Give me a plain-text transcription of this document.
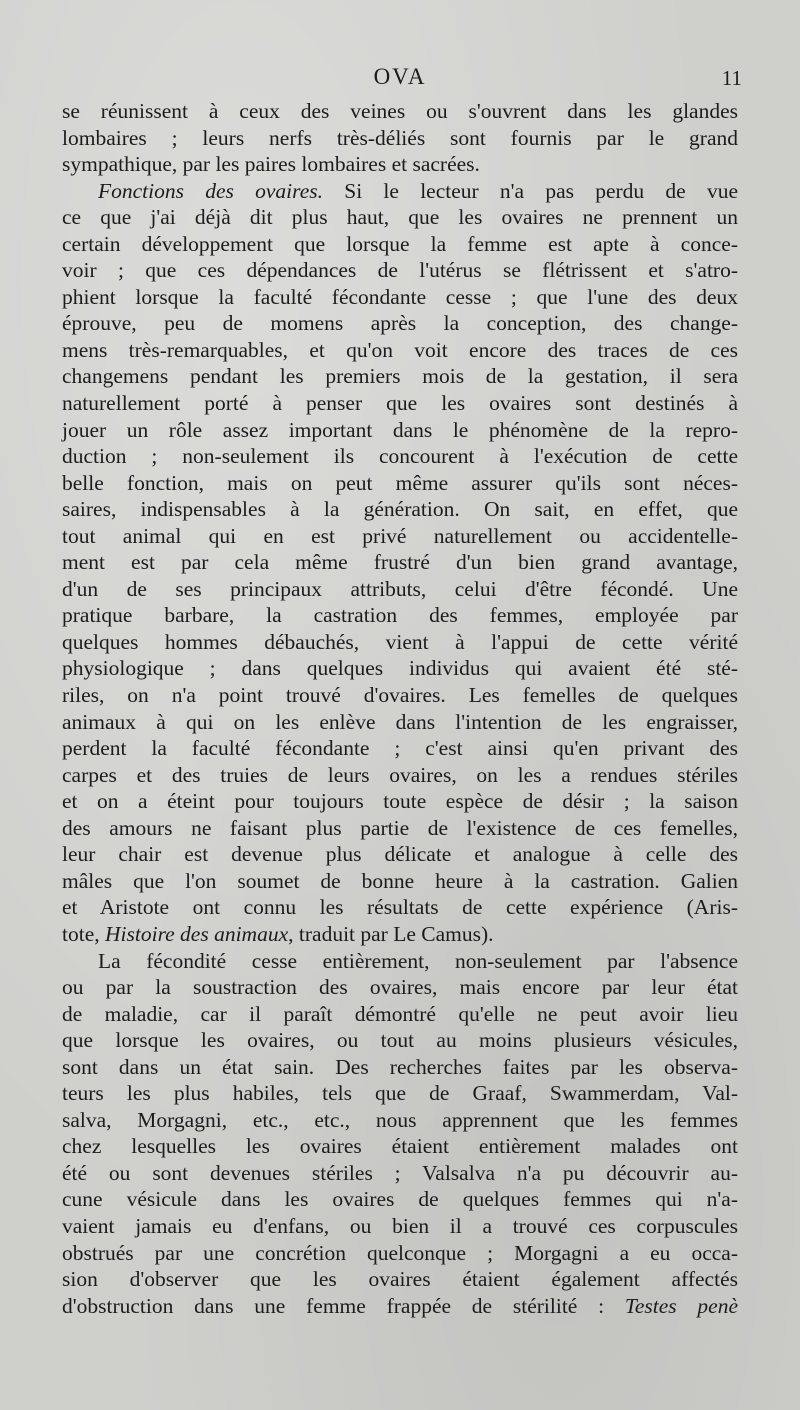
OVA	11
se réunissent à ceux des veines ou s'ouvrent dans les glandes
lombaires ; leurs nerfs très-déliés sont fournis par le grand
sympathique, par les paires lombaires et sacrées.
Fonctions des ovaires. Si le lecteur n'a pas perdu de vue
ce que j'ai déjà dit plus haut, que les ovaires ne prennent un
certain développement que lorsque la femme est apte à conce-
voir ; que ces dépendances de l'utérus se flétrissent et s'atro-
phient lorsque la faculté fécondante cesse ; que l'une des deux
éprouve, peu de momens après la conception, des change-
mens très-remarquables, et qu'on voit encore des traces de ces
changemens pendant les premiers mois de la gestation, il sera
naturellement porté à penser que les ovaires sont destinés à
jouer un rôle assez important dans le phénomène de la repro-
duction ; non-seulement ils concourent à l'exécution de cette
belle fonction, mais on peut même assurer qu'ils sont néces-
saires, indispensables à la génération. On sait, en effet, que
tout animal qui en est privé naturellement ou accidentelle-
ment est par cela même frustré d'un bien grand avantage,
d'un de ses principaux attributs, celui d'être fécondé. Une
pratique barbare, la castration des femmes, employée par
quelques hommes débauchés, vient à l'appui de cette vérité
physiologique ; dans quelques individus qui avaient été sté-
riles, on n'a point trouvé d'ovaires. Les femelles de quelques
animaux à qui on les enlève dans l'intention de les engraisser,
perdent la faculté fécondante ; c'est ainsi qu'en privant des
carpes et des truies de leurs ovaires, on les a rendues stériles
et on a éteint pour toujours toute espèce de désir ; la saison
des amours ne faisant plus partie de l'existence de ces femelles,
leur chair est devenue plus délicate et analogue à celle des
mâles que l'on soumet de bonne heure à la castration. Galien
et Aristote ont connu les résultats de cette expérience (Aris-
tote, Histoire des animaux, traduit par Le Camus).
La fécondité cesse entièrement, non-seulement par l'absence
ou par la soustraction des ovaires, mais encore par leur état
de maladie, car il paraît démontré qu'elle ne peut avoir lieu
que lorsque les ovaires, ou tout au moins plusieurs vésicules,
sont dans un état sain. Des recherches faites par les observa-
teurs les plus habiles, tels que de Graaf, Swammerdam, Val-
salva, Morgagni, etc., etc., nous apprennent que les femmes
chez lesquelles les ovaires étaient entièrement malades ont
été ou sont devenues stériles ; Valsalva n'a pu découvrir au-
cune vésicule dans les ovaires de quelques femmes qui n'a-
vaient jamais eu d'enfans, ou bien il a trouvé ces corpuscules
obstrués par une concrétion quelconque ; Morgagni a eu occa-
sion d'observer que les ovaires étaient également affectés
d'obstruction dans une femme frappée de stérilité : Testes penè
